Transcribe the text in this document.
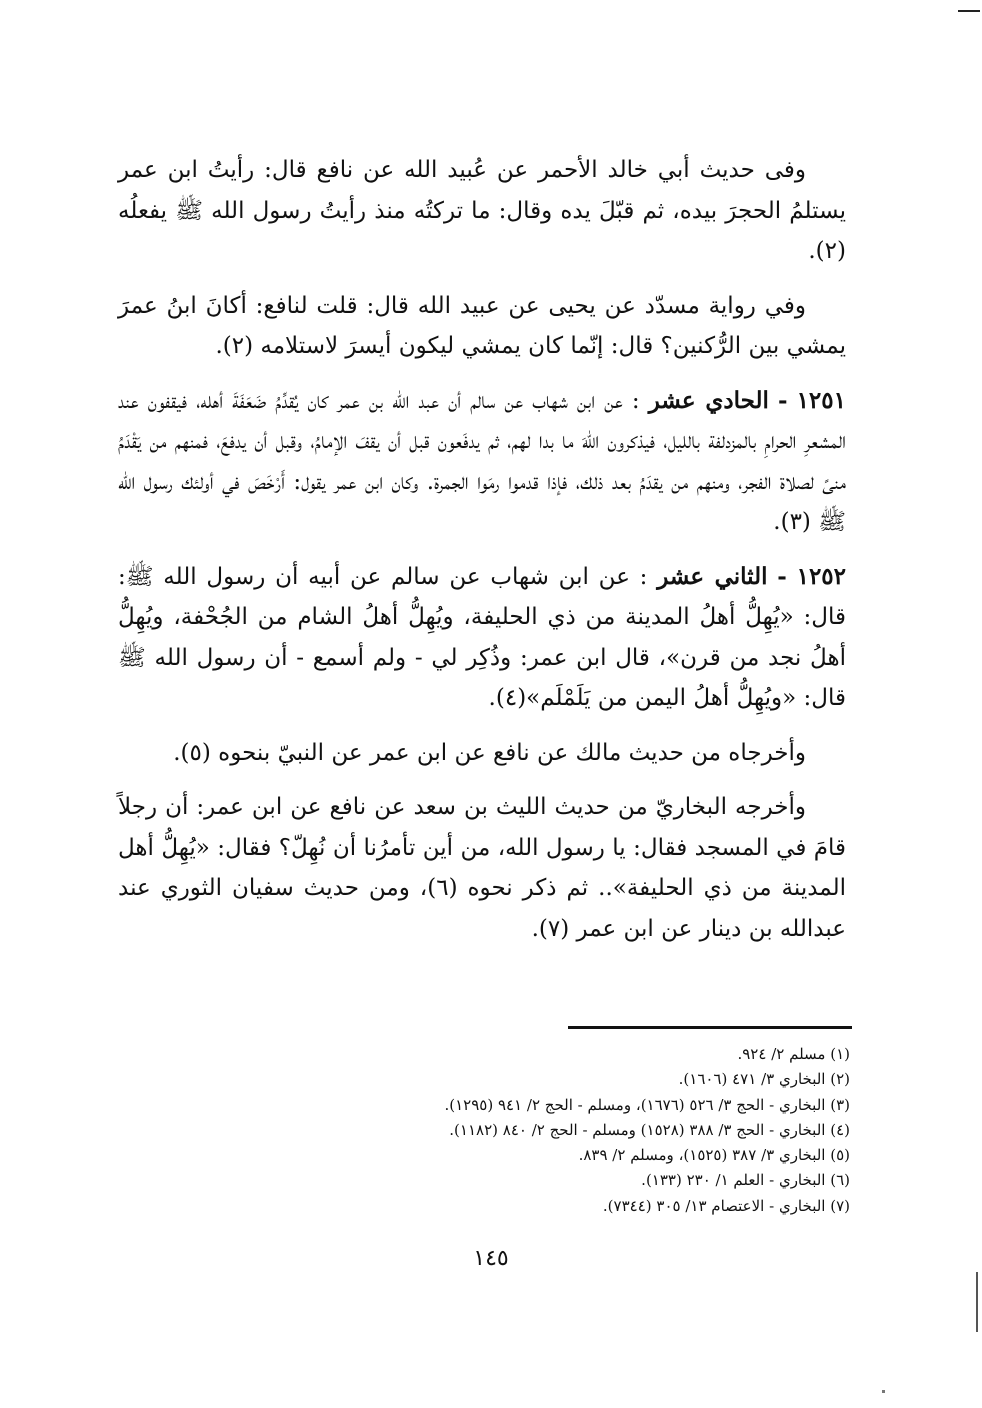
وفى حديث أبي خالد الأحمر عن عُبيد الله عن نافع قال: رأيتُ ابن عمر يستلمُ الحجرَ بيده، ثم قبّلَ يده وقال: ما تركتُه منذ رأيتُ رسول الله ﷺ يفعلُه (٢).

وفي رواية مسدّد عن يحيى عن عبيد الله قال: قلت لنافع: أكانَ ابنُ عمرَ يمشي بين الرُّكنين؟ قال: إنّما كان يمشي ليكون أيسرَ لاستلامه (٢).

١٢٥١ - الحادي عشر : عن ابن شهاب عن سالم أن عبد الله بن عمر كان يُقدِّمُ ضَعَفَةَ أهله، فيقفون عند المشعرِ الحرامِ بالمزدلفة بالليل، فيذكرون اللهَ ما بدا لهم، ثم يدفَعون قبل أن يقفَ الإمامُ، وقبل أن يدفعَ، فمنهم من يَقْدَمُ منىً لصلاة الفجر، ومنهم من يقدَمُ بعد ذلك، فإذا قدموا رمَوا الجمرة. وكان ابن عمر يقول: أَرْخَصَ في أولئك رسول الله ﷺ (٣).

١٢٥٢ - الثاني عشر : عن ابن شهاب عن سالم عن أبيه أن رسول الله ﷺ: قال: «يُهِلُّ أهلُ المدينة من ذي الحليفة، ويُهِلُّ أهلُ الشام من الجُحْفة، ويُهِلُّ أهلُ نجد من قرن»، قال ابن عمر: وذُكِر لي - ولم أسمع - أن رسول الله ﷺ قال: «ويُهِلُّ أهلُ اليمن من يَلَمْلَم»(٤).

وأخرجاه من حديث مالك عن نافع عن ابن عمر عن النبيّ بنحوه (٥).

وأخرجه البخاريّ من حديث الليث بن سعد عن نافع عن ابن عمر: أن رجلاً قامَ في المسجد فقال: يا رسول الله، من أين تأمرُنا أن نُهِلّ؟ فقال: «يُهِلُّ أهل المدينة من ذي الحليفة».. ثم ذكر نحوه (٦)، ومن حديث سفيان الثوري عند عبدالله بن دينار عن ابن عمر (٧).

(١) مسلم ٢/ ٩٢٤.
(٢) البخاري ٣/ ٤٧١ (١٦٠٦).
(٣) البخاري - الحج ٣/ ٥٢٦ (١٦٧٦)، ومسلم - الحج ٢/ ٩٤١ (١٢٩٥).
(٤) البخاري - الحج ٣/ ٣٨٨ (١٥٢٨) ومسلم - الحج ٢/ ٨٤٠ (١١٨٢).
(٥) البخاري ٣/ ٣٨٧ (١٥٢٥)، ومسلم ٢/ ٨٣٩.
(٦) البخاري - العلم ١/ ٢٣٠ (١٣٣).
(٧) البخاري - الاعتصام ١٣/ ٣٠٥ (٧٣٤٤).
١٤٥
